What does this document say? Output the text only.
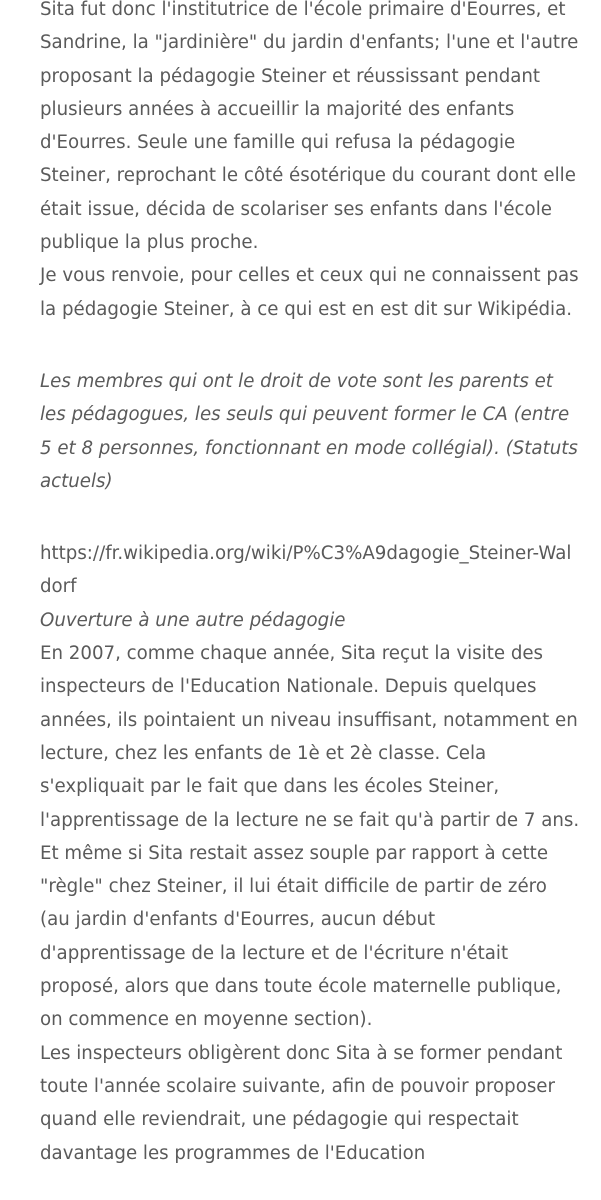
Sita fut donc l'institutrice de l'école primaire d'Eourres, et Sandrine, la "jardinière" du jardin d'enfants; l'une et l'autre proposant la pédagogie Steiner et réussissant pendant plusieurs années à accueillir la majorité des enfants d'Eourres. Seule une famille qui refusa la pédagogie Steiner, reprochant le côté ésotérique du courant dont elle était issue, décida de scolariser ses enfants dans l'école publique la plus proche.

Je vous renvoie, pour celles et ceux qui ne connaissent pas la pédagogie Steiner, à ce qui est en est dit sur Wikipédia.

Les membres qui ont le droit de vote sont les parents et les pédagogues, les seuls qui peuvent former le CA (entre 5 et 8 personnes, fonctionnant en mode collégial). (Statuts actuels)

https://fr.wikipedia.org/wiki/P%C3%A9dagogie_Steiner-Waldorf

Ouverture à une autre pédagogie

En 2007, comme chaque année, Sita reçut la visite des inspecteurs de l'Education Nationale. Depuis quelques années, ils pointaient un niveau insuffisant, notamment en lecture, chez les enfants de 1è et 2è classe. Cela s'expliquait par le fait que dans les écoles Steiner, l'apprentissage de la lecture ne se fait qu'à partir de 7 ans. Et même si Sita restait assez souple par rapport à cette "règle" chez Steiner, il lui était difficile de partir de zéro (au jardin d'enfants d'Eourres, aucun début d'apprentissage de la lecture et de l'écriture n'était proposé, alors que dans toute école maternelle publique, on commence en moyenne section).

Les inspecteurs obligèrent donc Sita à se former pendant toute l'année scolaire suivante, afin de pouvoir proposer quand elle reviendrait, une pédagogie qui respectait davantage les programmes de l'Education
